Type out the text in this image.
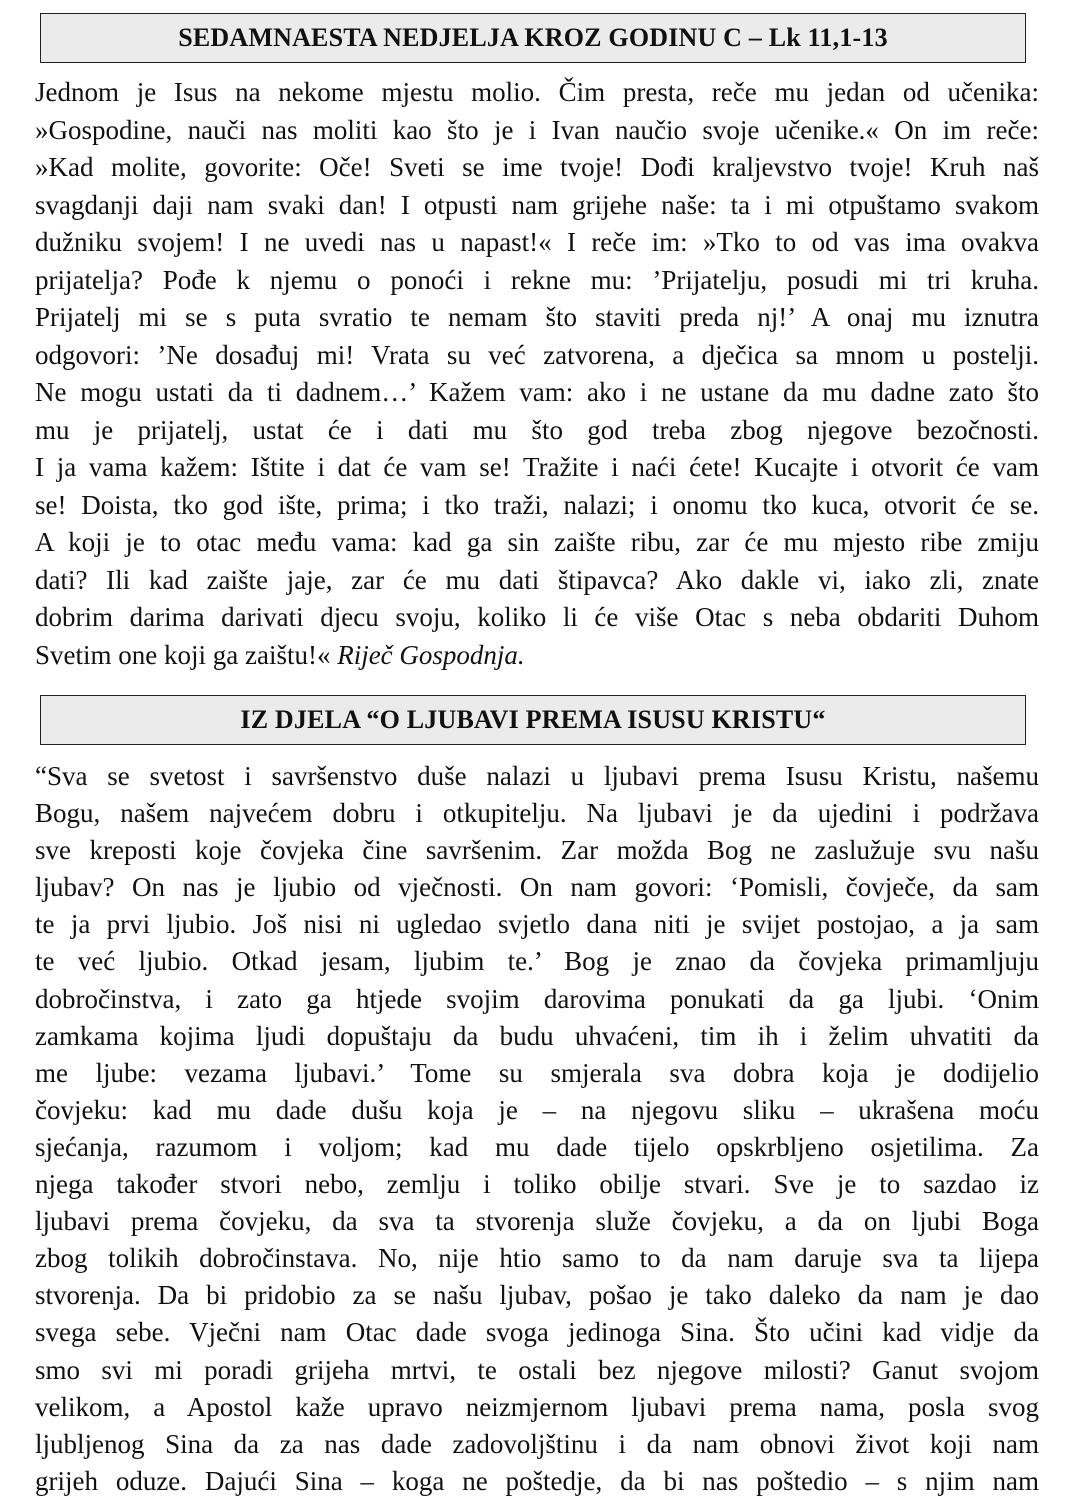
SEDAMNAESTA NEDJELJA KROZ GODINU C – Lk 11,1-13
Jednom je Isus na nekome mjestu molio. Čim presta, reče mu jedan od učenika:
»Gospodine, nauči nas moliti kao što je i Ivan naučio svoje učenike.« On im reče:
»Kad molite, govorite: Oče! Sveti se ime tvoje! Dođi kraljevstvo tvoje! Kruh naš
svagdanji daji nam svaki dan! I otpusti nam grijehe naše: ta i mi otpuštamo svakom
dužniku svojem! I ne uvedi nas u napast!« I reče im: »Tko to od vas ima ovakva
prijatelja? Pođe k njemu o ponoći i rekne mu: ’Prijatelju, posudi mi tri kruha.
Prijatelj mi se s puta svratio te nemam što staviti preda nj!’ A onaj mu iznutra
odgovori: ’Ne dosađuj mi! Vrata su već zatvorena, a dječica sa mnom u postelji.
Ne mogu ustati da ti dadnem…’ Kažem vam: ako i ne ustane da mu dadne zato što
mu je prijatelj, ustat će i dati mu što god treba zbog njegove bezočnosti.
I ja vama kažem: Ištite i dat će vam se! Tražite i naći ćete! Kucajte i otvorit će vam
se! Doista, tko god ište, prima; i tko traži, nalazi; i onomu tko kuca, otvorit će se.
A koji je to otac među vama: kad ga sin zaište ribu, zar će mu mjesto ribe zmiju
dati? Ili kad zaište jaje, zar će mu dati štipavca? Ako dakle vi, iako zli, znate
dobrim darima darivati djecu svoju, koliko li će više Otac s neba obdariti Duhom
Svetim one koji ga zaištu!« Riječ Gospodnja.
IZ DJELA “O LJUBAVI PREMA ISUSU KRISTU“
“Sva se svetost i savršenstvo duše nalazi u ljubavi prema Isusu Kristu, našemu
Bogu, našem najvećem dobru i otkupitelju. Na ljubavi je da ujedini i podržava
sve kreposti koje čovjeka čine savršenim. Zar možda Bog ne zaslužuje svu našu
ljubav? On nas je ljubio od vječnosti. On nam govori: ‘Pomisli, čovječe, da sam
te ja prvi ljubio. Još nisi ni ugledao svjetlo dana niti je svijet postojao, a ja sam
te već ljubio. Otkad jesam, ljubim te.’ Bog je znao da čovjeka primamljuju
dobročinstva, i zato ga htjede svojim darovima ponukati da ga ljubi. ‘Onim
zamkama kojima ljudi dopuštaju da budu uhvaćeni, tim ih i želim uhvatiti da
me ljube: vezama ljubavi.’ Tome su smjerala sva dobra koja je dodijelio
čovjeku: kad mu dade dušu koja je – na njegovu sliku – ukrašena moću
sjećanja, razumom i voljom; kad mu dade tijelo opskrbljeno osjetilima. Za
njega također stvori nebo, zemlju i toliko obilje stvari. Sve je to sazdao iz
ljubavi prema čovjeku, da sva ta stvorenja služe čovjeku, a da on ljubi Boga
zbog tolikih dobročinstava. No, nije htio samo to da nam daruje sva ta lijepa
stvorenja. Da bi pridobio za se našu ljubav, pošao je tako daleko da nam je dao
svega sebe. Vječni nam Otac dade svoga jedinoga Sina. Što učini kad vidje da
smo svi mi poradi grijeha mrtvi, te ostali bez njegove milosti? Ganut svojom
velikom, a Apostol kaže upravo neizmjernom ljubavi prema nama, posla svog
ljubljenog Sina da za nas dade zadovoljštinu i da nam obnovi život koji nam
grijeh oduze. Dajući Sina – koga ne poštedje, da bi nas poštedio – s njim nam
